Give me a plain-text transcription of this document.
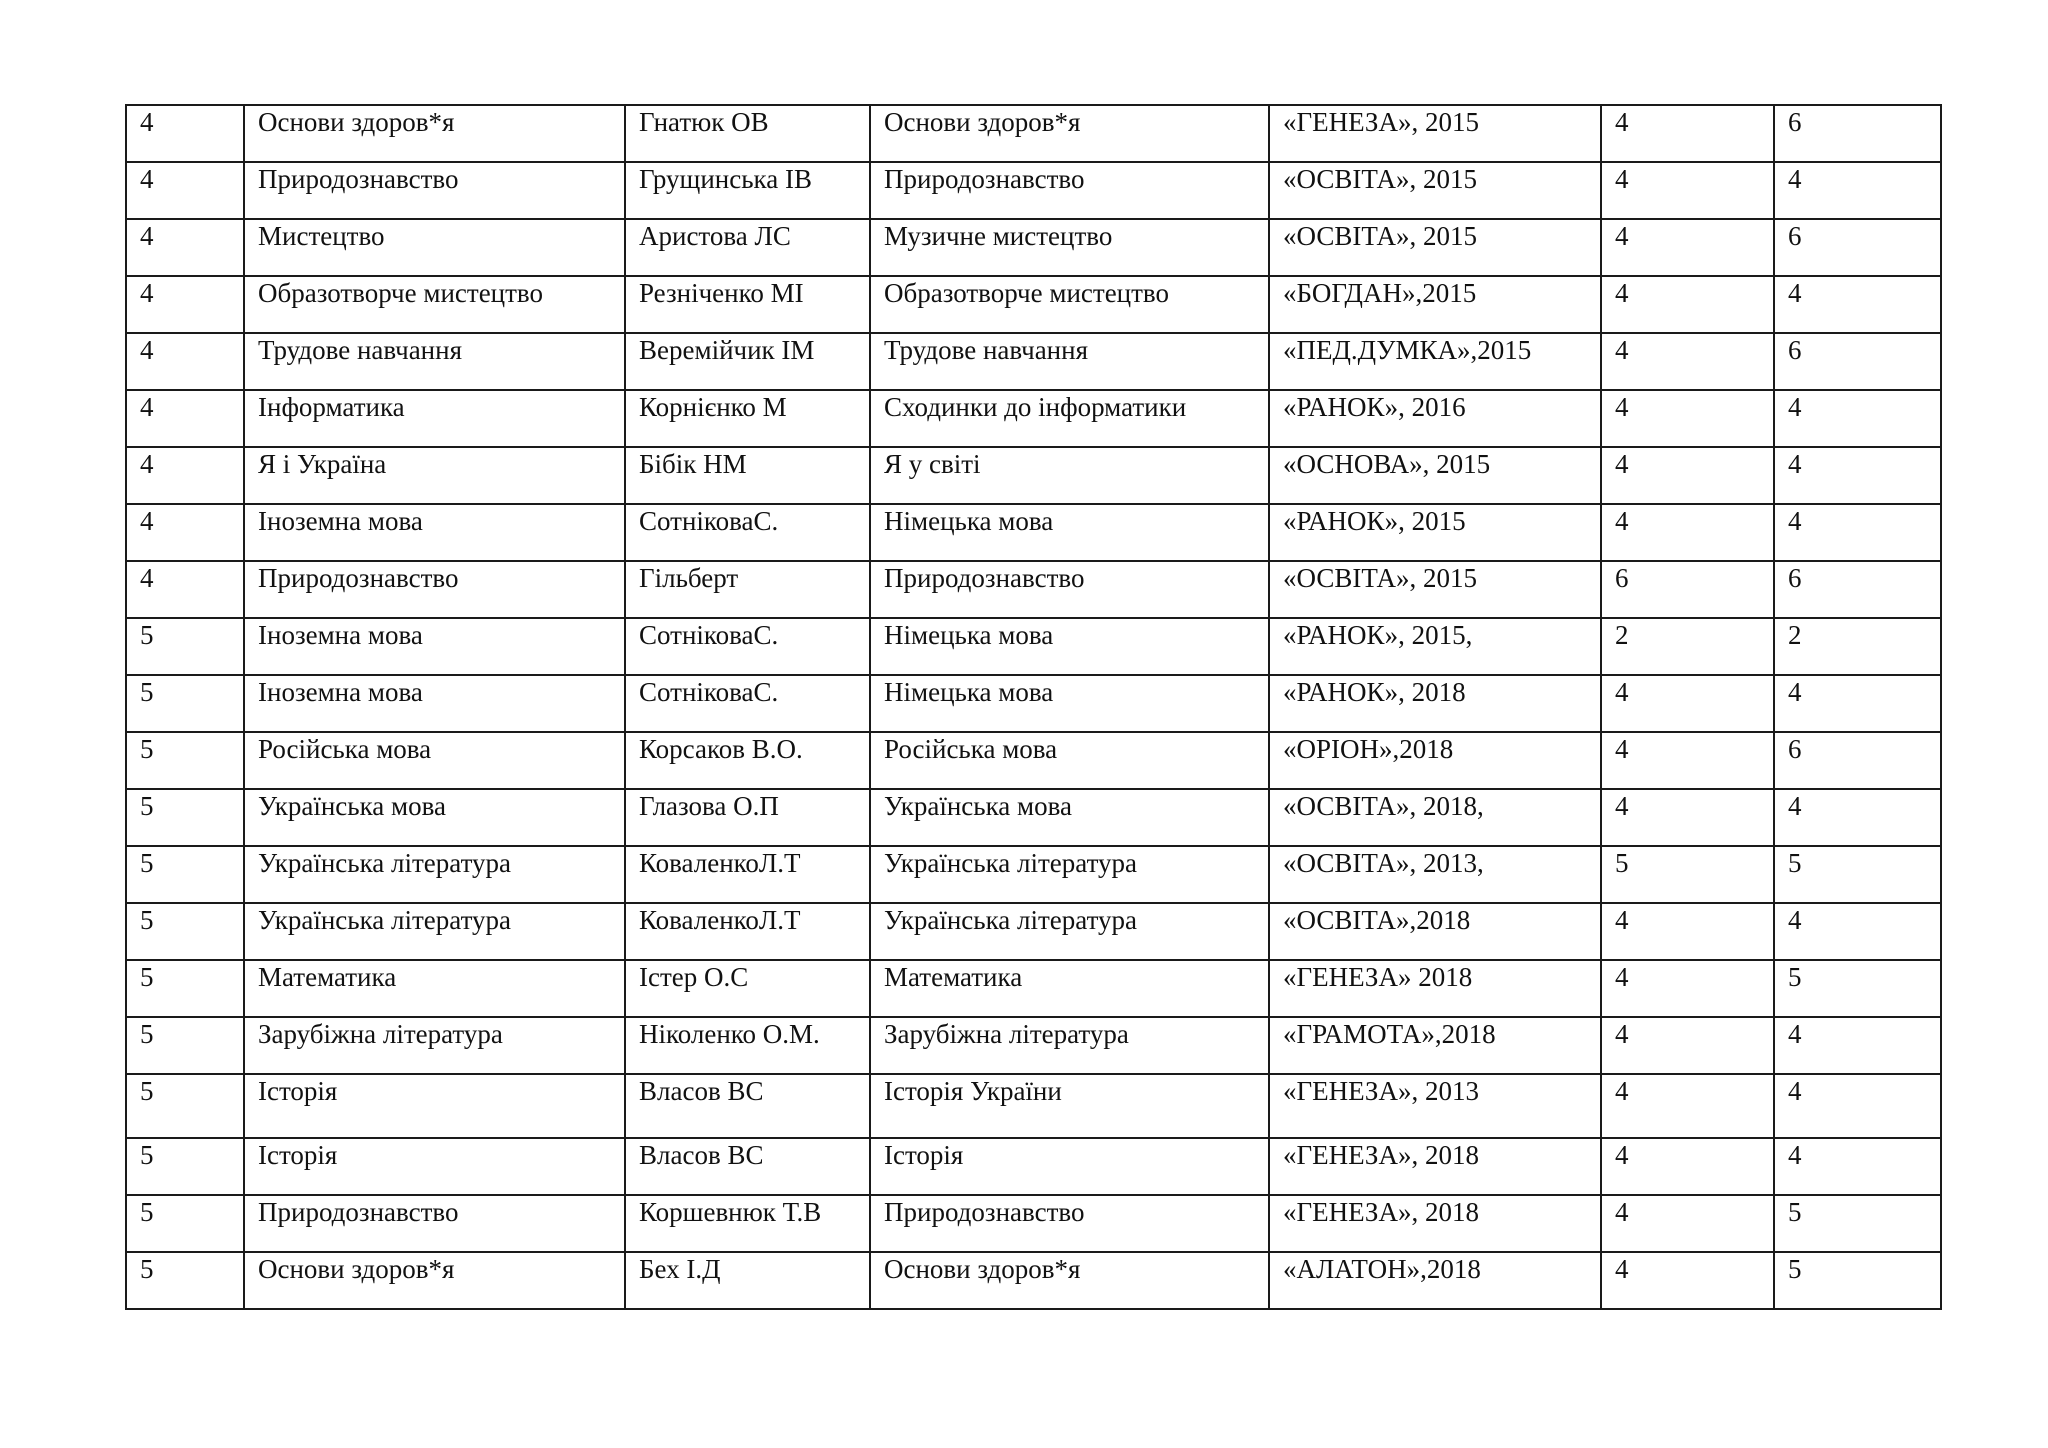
4	Основи здоров*я	Гнатюк ОВ	Основи здоров*я	«ГЕНЕЗА», 2015	4	6

4	Природознавство	Грущинська ІВ	Природознавство	«ОСВІТА», 2015	4	4

4	Мистецтво	Аристова ЛС	Музичне мистецтво	«ОСВІТА», 2015	4	6

4	Образотворче мистецтво	Резніченко МІ	Образотворче мистецтво	«БОГДАН»,2015	4	4

4	Трудове навчання	Веремійчик ІМ	Трудове навчання	«ПЕД.ДУМКА»,2015	4	6

4	Інформатика	Корнієнко М	Сходинки до інформатики	«РАНОК», 2016	4	4

4	Я і Україна	Бібік НМ	Я у світі	«ОСНОВА», 2015	4	4

4	Іноземна мова	СотніковаС.	Німецька мова	«РАНОК», 2015	4	4

4	Природознавство	Гільберт	Природознавство	«ОСВІТА», 2015	6	6

5	Іноземна мова	СотніковаС.	Німецька мова	«РАНОК», 2015,	2	2

5	Іноземна мова	СотніковаС.	Німецька мова	«РАНОК», 2018	4	4

5	Російська мова	Корсаков В.О.	Російська мова	«ОРІОН»,2018	4	6

5	Українська мова	Глазова О.П	Українська мова	«ОСВІТА», 2018,	4	4

5	Українська література	КоваленкоЛ.Т	Українська література	«ОСВІТА», 2013,	5	5

5	Українська література	КоваленкоЛ.Т	Українська література	«ОСВІТА»,2018	4	4

5	Математика	Істер О.С	Математика	«ГЕНЕЗА» 2018	4	5

5	Зарубіжна література	Ніколенко О.М.	Зарубіжна література	«ГРАМОТА»,2018	4	4

5	Історія	Власов ВС	Історія України	«ГЕНЕЗА», 2013	4	4

5	Історія	Власов ВС	Історія	«ГЕНЕЗА», 2018	4	4

5	Природознавство	Коршевнюк Т.В	Природознавство	«ГЕНЕЗА», 2018	4	5

5	Основи здоров*я	Бех І.Д	Основи здоров*я	«АЛАТОН»,2018	4	5
